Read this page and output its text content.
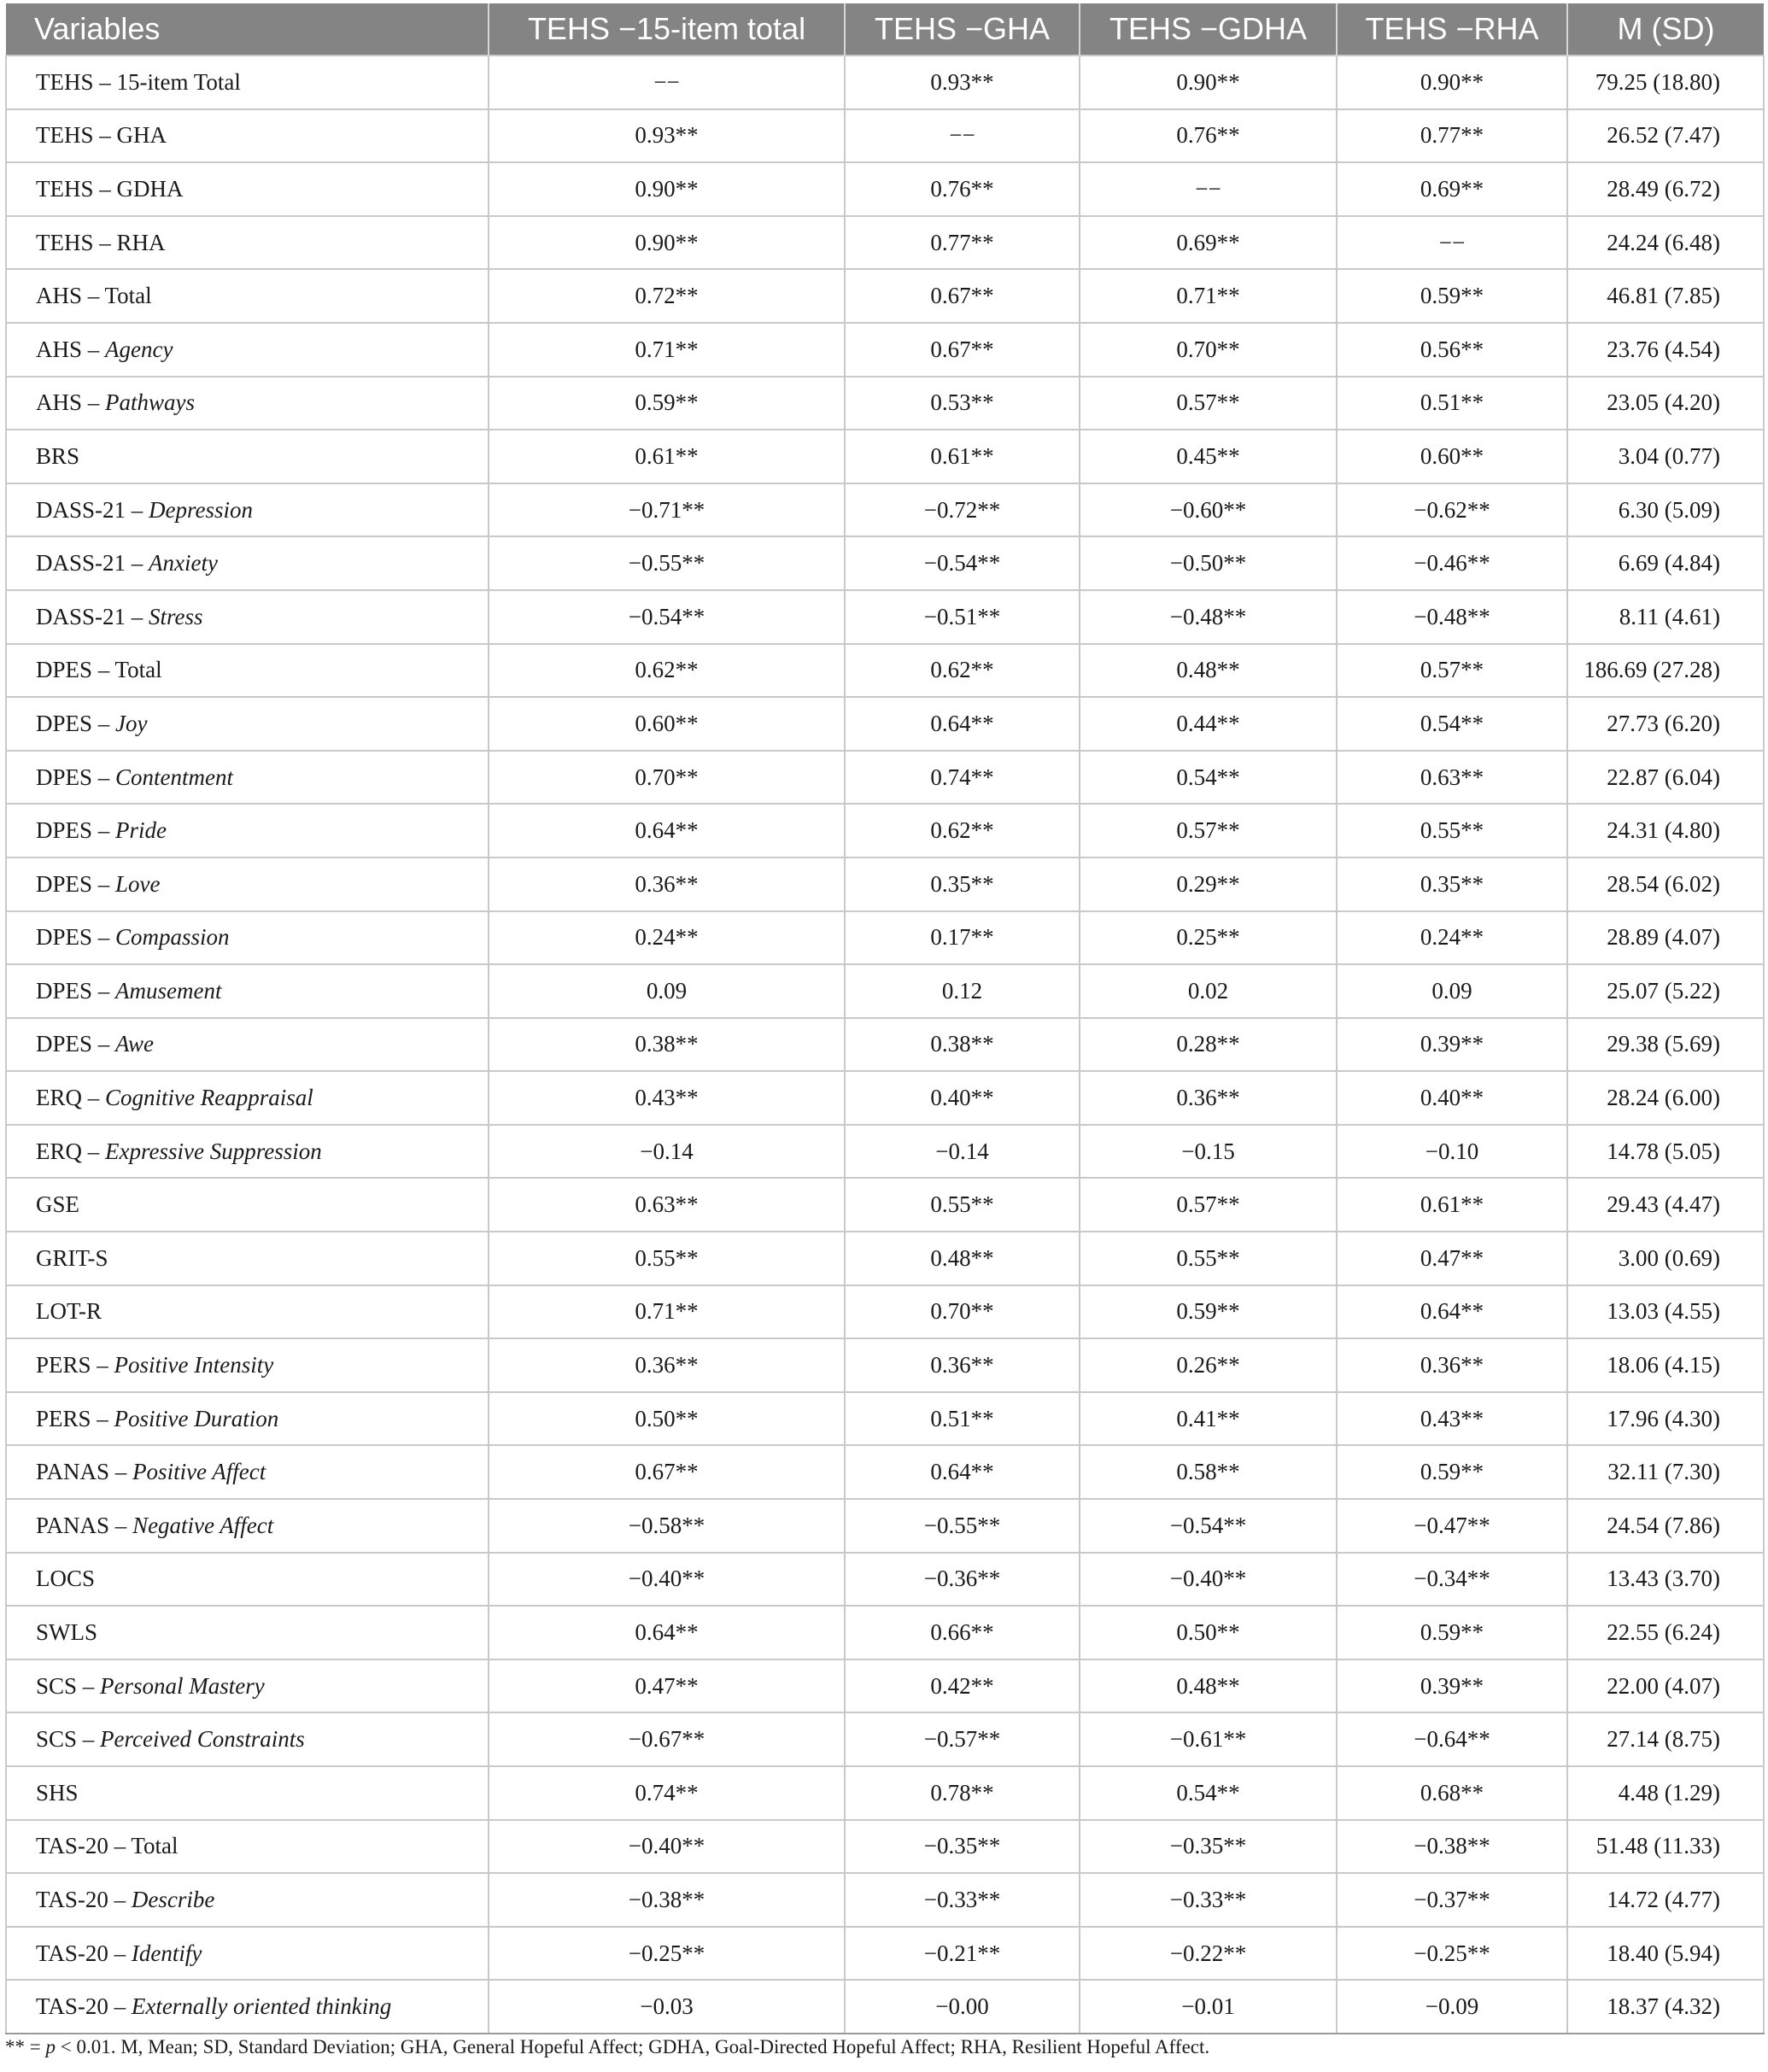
Variables	TEHS −15-item total	TEHS −GHA	TEHS −GDHA	TEHS −RHA	M (SD)
TEHS – 15-item Total	−−	0.93**	0.90**	0.90**	79.25 (18.80)
TEHS – GHA	0.93**	−−	0.76**	0.77**	26.52 (7.47)
TEHS – GDHA	0.90**	0.76**	−−	0.69**	28.49 (6.72)
TEHS – RHA	0.90**	0.77**	0.69**	−−	24.24 (6.48)
AHS – Total	0.72**	0.67**	0.71**	0.59**	46.81 (7.85)
AHS – Agency	0.71**	0.67**	0.70**	0.56**	23.76 (4.54)
AHS – Pathways	0.59**	0.53**	0.57**	0.51**	23.05 (4.20)
BRS	0.61**	0.61**	0.45**	0.60**	3.04 (0.77)
DASS-21 – Depression	−0.71**	−0.72**	−0.60**	−0.62**	6.30 (5.09)
DASS-21 – Anxiety	−0.55**	−0.54**	−0.50**	−0.46**	6.69 (4.84)
DASS-21 – Stress	−0.54**	−0.51**	−0.48**	−0.48**	8.11 (4.61)
DPES – Total	0.62**	0.62**	0.48**	0.57**	186.69 (27.28)
DPES – Joy	0.60**	0.64**	0.44**	0.54**	27.73 (6.20)
DPES – Contentment	0.70**	0.74**	0.54**	0.63**	22.87 (6.04)
DPES – Pride	0.64**	0.62**	0.57**	0.55**	24.31 (4.80)
DPES – Love	0.36**	0.35**	0.29**	0.35**	28.54 (6.02)
DPES – Compassion	0.24**	0.17**	0.25**	0.24**	28.89 (4.07)
DPES – Amusement	0.09	0.12	0.02	0.09	25.07 (5.22)
DPES – Awe	0.38**	0.38**	0.28**	0.39**	29.38 (5.69)
ERQ – Cognitive Reappraisal	0.43**	0.40**	0.36**	0.40**	28.24 (6.00)
ERQ – Expressive Suppression	−0.14	−0.14	−0.15	−0.10	14.78 (5.05)
GSE	0.63**	0.55**	0.57**	0.61**	29.43 (4.47)
GRIT-S	0.55**	0.48**	0.55**	0.47**	3.00 (0.69)
LOT-R	0.71**	0.70**	0.59**	0.64**	13.03 (4.55)
PERS – Positive Intensity	0.36**	0.36**	0.26**	0.36**	18.06 (4.15)
PERS – Positive Duration	0.50**	0.51**	0.41**	0.43**	17.96 (4.30)
PANAS – Positive Affect	0.67**	0.64**	0.58**	0.59**	32.11 (7.30)
PANAS – Negative Affect	−0.58**	−0.55**	−0.54**	−0.47**	24.54 (7.86)
LOCS	−0.40**	−0.36**	−0.40**	−0.34**	13.43 (3.70)
SWLS	0.64**	0.66**	0.50**	0.59**	22.55 (6.24)
SCS – Personal Mastery	0.47**	0.42**	0.48**	0.39**	22.00 (4.07)
SCS – Perceived Constraints	−0.67**	−0.57**	−0.61**	−0.64**	27.14 (8.75)
SHS	0.74**	0.78**	0.54**	0.68**	4.48 (1.29)
TAS-20 – Total	−0.40**	−0.35**	−0.35**	−0.38**	51.48 (11.33)
TAS-20 – Describe	−0.38**	−0.33**	−0.33**	−0.37**	14.72 (4.77)
TAS-20 – Identify	−0.25**	−0.21**	−0.22**	−0.25**	18.40 (5.94)
TAS-20 – Externally oriented thinking	−0.03	−0.00	−0.01	−0.09	18.37 (4.32)
** = p < 0.01. M, Mean; SD, Standard Deviation; GHA, General Hopeful Affect; GDHA, Goal-Directed Hopeful Affect; RHA, Resilient Hopeful Affect.
